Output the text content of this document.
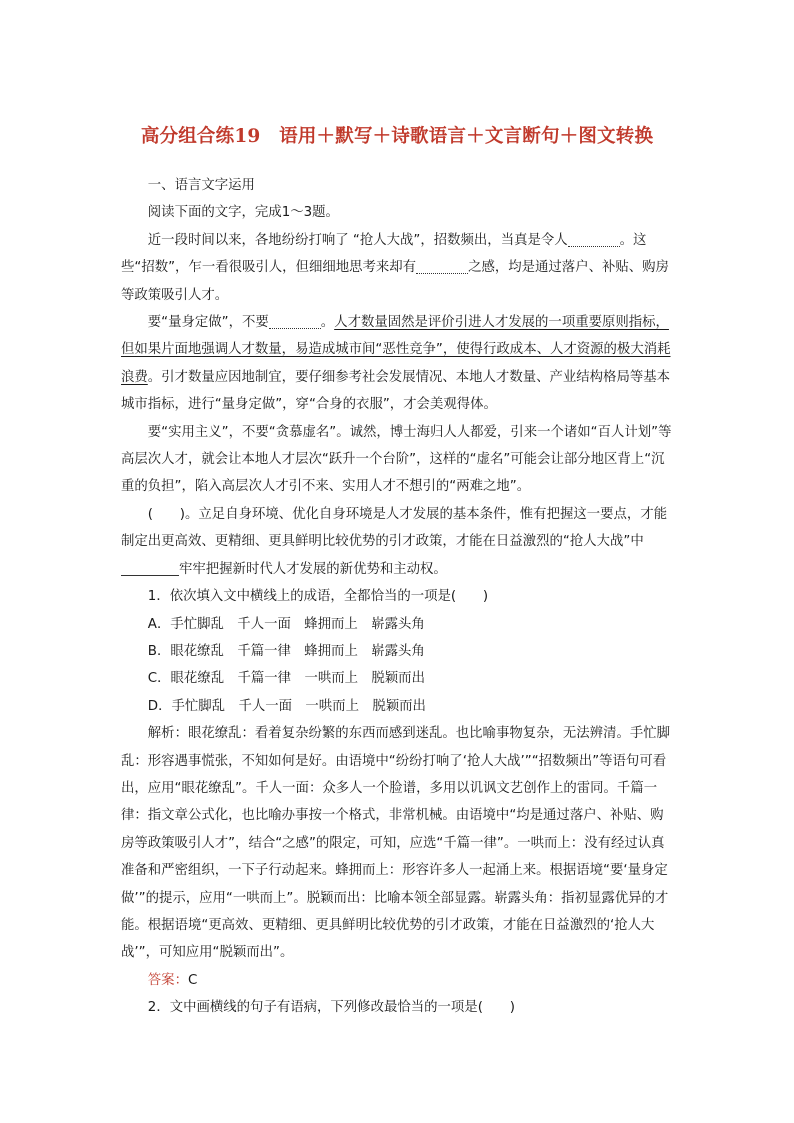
高分组合练19　语用＋默写＋诗歌语言＋文言断句＋图文转换

一、语言文字运用

阅读下面的文字，完成1～3题。

近一段时间以来，各地纷纷打响了 “抢人大战”，招数频出，当真是令人	。这些“招数”，乍一看很吸引人，但细细地思考来却有	之感，均是通过落户、补贴、购房等政策吸引人才。

要“量身定做”，不要	。人才数量固然是评价引进人才发展的一项重要原则指标，但如果片面地强调人才数量，易造成城市间“恶性竞争”，使得行政成本、人才资源的极大消耗浪费。引才数量应因地制宜，要仔细参考社会发展情况、本地人才数量、产业结构格局等基本城市指标，进行“量身定做”，穿“合身的衣服”，才会美观得体。

要“实用主义”，不要“贪慕虚名”。诚然，博士海归人人都爱，引来一个诸如“百人计划”等高层次人才，就会让本地人才层次“跃升一个台阶”，这样的“虚名”可能会让部分地区背上“沉重的负担”，陷入高层次人才引不来、实用人才不想引的“两难之地”。

(　　)。立足自身环境、优化自身环境是人才发展的基本条件，惟有把握这一要点，才能制定出更高效、更精细、更具鲜明比较优势的引才政策，才能在日益激烈的“抢人大战”中牢牢把握新时代人才发展的新优势和主动权。

1．依次填入文中横线上的成语，全都恰当的一项是(　　)

A．手忙脚乱　千人一面　蜂拥而上　崭露头角

B．眼花缭乱　千篇一律　蜂拥而上　崭露头角

C．眼花缭乱　千篇一律　一哄而上　脱颖而出

D．手忙脚乱　千人一面　一哄而上　脱颖而出

解析：眼花缭乱：看着复杂纷繁的东西而感到迷乱。也比喻事物复杂，无法辨清。手忙脚乱：形容遇事慌张，不知如何是好。由语境中“纷纷打响了‘抢人大战’”“招数频出”等语句可看出，应用“眼花缭乱”。千人一面：众多人一个脸谱，多用以讥讽文艺创作上的雷同。千篇一律：指文章公式化，也比喻办事按一个格式，非常机械。由语境中“均是通过落户、补贴、购房等政策吸引人才”，结合“之感”的限定，可知，应选“千篇一律”。一哄而上：没有经过认真准备和严密组织，一下子行动起来。蜂拥而上：形容许多人一起涌上来。根据语境“要‘量身定做’”的提示，应用“一哄而上”。脱颖而出：比喻本领全部显露。崭露头角：指初显露优异的才能。根据语境“更高效、更精细、更具鲜明比较优势的引才政策，才能在日益激烈的‘抢人大战’”，可知应用“脱颖而出”。

答案：C

2．文中画横线的句子有语病，下列修改最恰当的一项是(　　)
